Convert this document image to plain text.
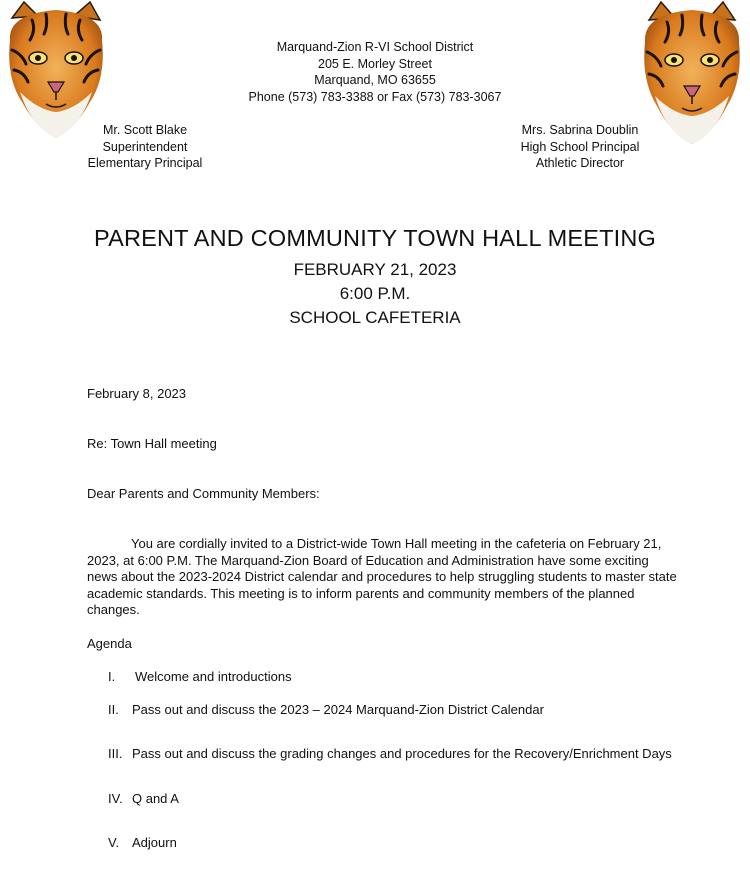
Marquand-Zion R-VI School District
205 E. Morley Street
Marquand, MO 63655
Phone (573) 783-3388 or Fax (573) 783-3067
Mr. Scott Blake
Superintendent
Elementary Principal
Mrs. Sabrina Doublin
High School Principal
Athletic Director
PARENT AND COMMUNITY TOWN HALL MEETING
FEBRUARY 21, 2023
6:00 P.M.
SCHOOL CAFETERIA
February 8, 2023
Re: Town Hall meeting
Dear Parents and Community Members:
You are cordially invited to a District-wide Town Hall meeting in the cafeteria on February 21, 2023, at 6:00 P.M. The Marquand-Zion Board of Education and Administration have some exciting news about the 2023-2024 District calendar and procedures to help struggling students to master state academic standards. This meeting is to inform parents and community members of the planned changes.
Agenda
I. Welcome and introductions
II. Pass out and discuss the 2023 – 2024 Marquand-Zion District Calendar
III. Pass out and discuss the grading changes and procedures for the Recovery/Enrichment Days
IV. Q and A
V. Adjourn
